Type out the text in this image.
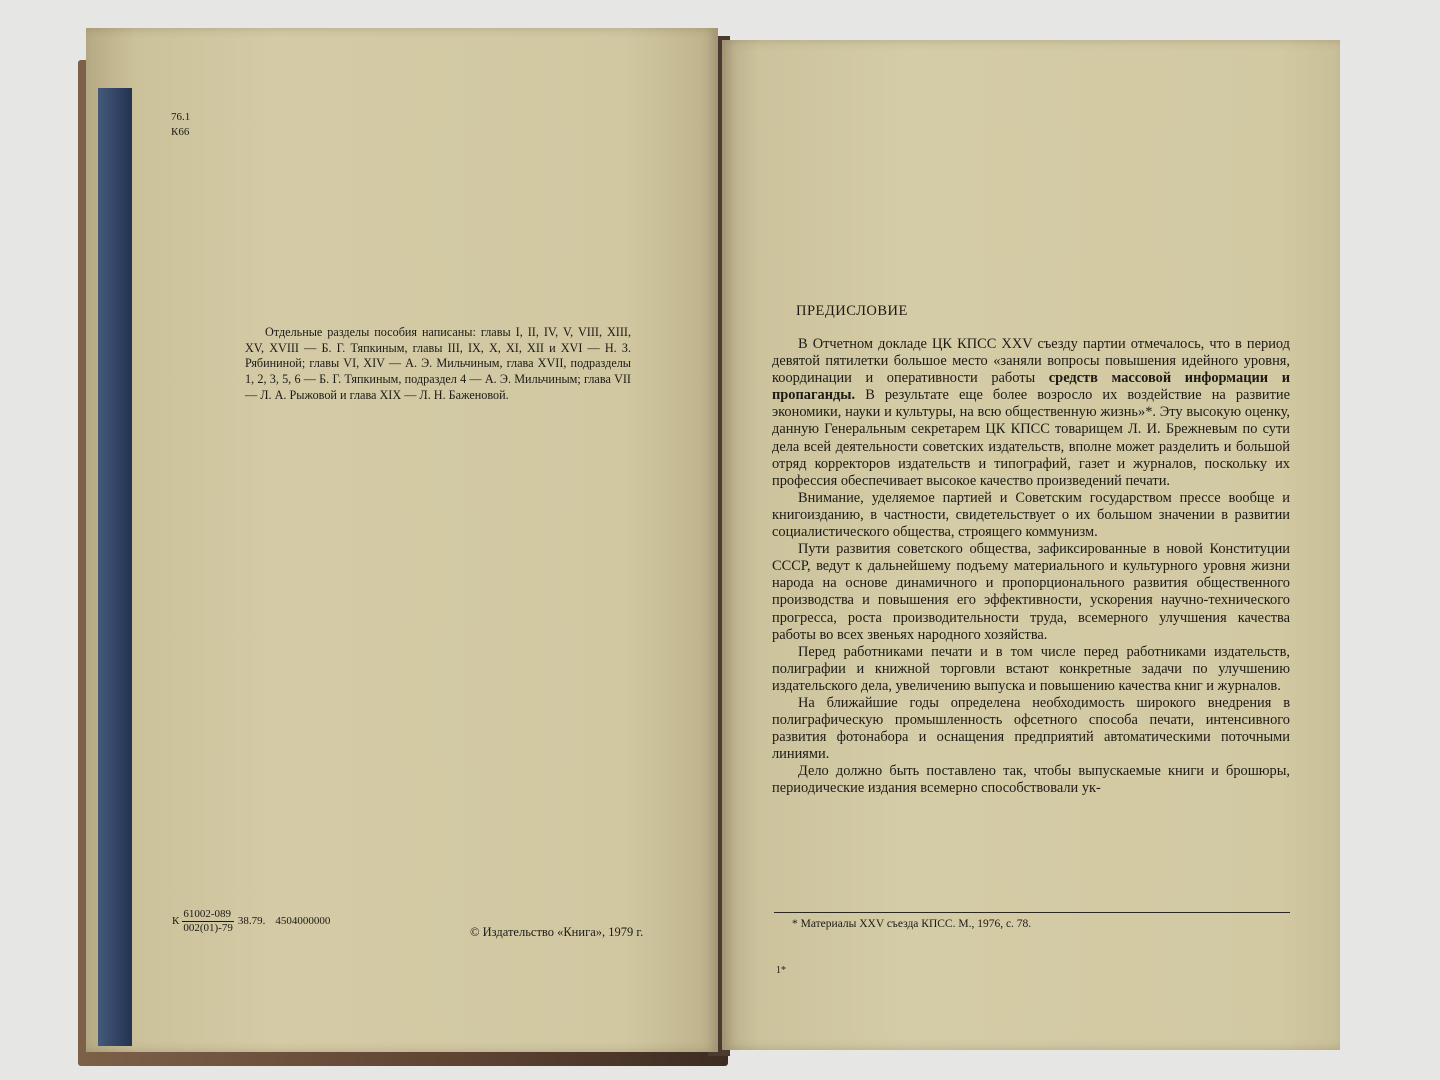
76.1
К66

Отдельные разделы пособия написаны: главы I, II, IV, V, VIII, XIII, XV, XVIII — Б. Г. Тяпкиным, главы III, IX, X, XI, XII и XVI — Н. З. Рябининой; главы VI, XIV — А. Э. Мильчиным, глава XVII, подразделы 1, 2, 3, 5, 6 — Б. Г. Тяпкиным, подраздел 4 — А. Э. Мильчиным; глава VII — Л. А. Рыжовой и глава XIX — Л. Н. Баженовой.

К $\frac{61002-089}{002(01)-79} 38.79$. 4504000000
© Издательство «Книга», 1979 г.
ПРЕДИСЛОВИЕ

В Отчетном докладе ЦК КПСС XXV съезду партии отмечалось, что в период девятой пятилетки большое место «заняли вопросы повышения идейного уровня, координации и оперативности работы средств массовой информации и пропаганды. В результате еще более возросло их воздействие на развитие экономики, науки и культуры, на всю общественную жизнь»*. Эту высокую оценку, данную Генеральным секретарем ЦК КПСС товарищем Л. И. Брежневым по сути дела всей деятельности советских издательств, вполне может разделить и большой отряд корректоров издательств и типографий, газет и журналов, поскольку их профессия обеспечивает высокое качество произведений печати.

Внимание, уделяемое партией и Советским государством прессе вообще и книгоизданию, в частности, свидетельствует о их большом значении в развитии социалистического общества, строящего коммунизм.

Пути развития советского общества, зафиксированные в новой Конституции СССР, ведут к дальнейшему подъему материального и культурного уровня жизни народа на основе динамичного и пропорционального развития общественного производства и повышения его эффективности, ускорения научно-технического прогресса, роста производительности труда, всемерного улучшения качества работы во всех звеньях народного хозяйства.

Перед работниками печати и в том числе перед работниками издательств, полиграфии и книжной торговли встают конкретные задачи по улучшению издательского дела, увеличению выпуска и повышению качества книг и журналов.

На ближайшие годы определена необходимость широкого внедрения в полиграфическую промышленность офсетного способа печати, интенсивного развития фотонабора и оснащения предприятий автоматическими поточными линиями.

Дело должно быть поставлено так, чтобы выпускаемые книги и брошюры, периодические издания всемерно способствовали ук-

* Материалы XXV съезда КПСС. М., 1976, с. 78.
1*
